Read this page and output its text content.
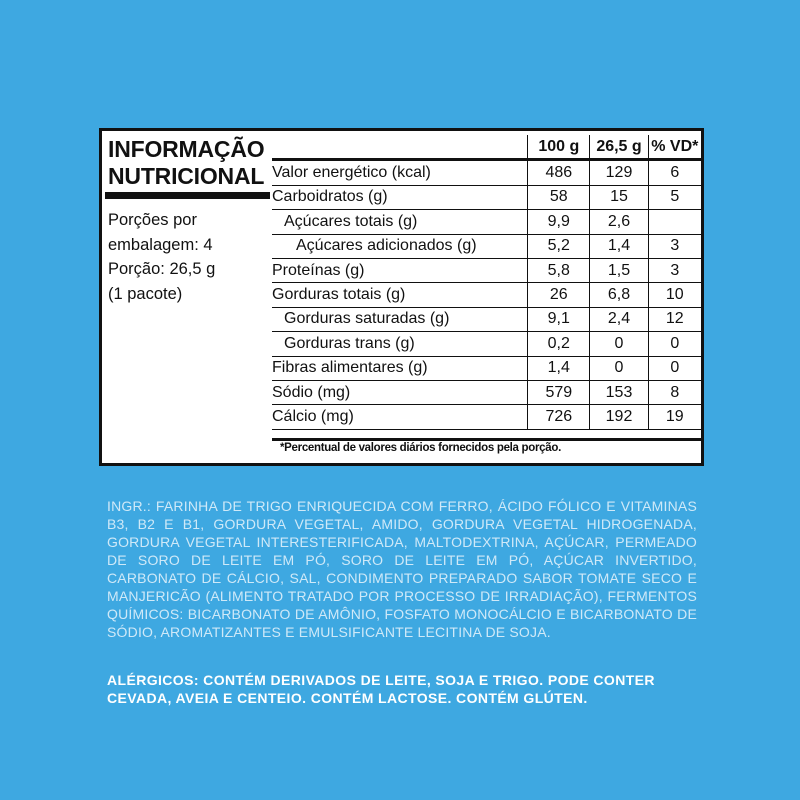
INFORMAÇÃO
NUTRICIONAL
Porções por
embalagem: 4
Porção: 26,5 g
(1 pacote)
	100 g	26,5 g	% VD*
Valor energético (kcal)	486	129	6
Carboidratos (g)	58	15	5
Açúcares totais (g)	9,9	2,6	
Açúcares adicionados (g)	5,2	1,4	3
Proteínas (g)	5,8	1,5	3
Gorduras totais (g)	26	6,8	10
Gorduras saturadas (g)	9,1	2,4	12
Gorduras trans (g)	0,2	0	0
Fibras alimentares (g)	1,4	0	0
Sódio (mg)	579	153	8
Cálcio (mg)	726	192	19
*Percentual de valores diários fornecidos pela porção.
INGR.: FARINHA DE TRIGO ENRIQUECIDA COM FERRO, ÁCIDO FÓLICO E VITAMINAS B3, B2 E B1, GORDURA VEGETAL, AMIDO, GORDURA VEGETAL HIDROGENADA, GORDURA VEGETAL INTERESTERIFICADA, MALTODEXTRINA, AÇÚCAR, PERMEADO DE SORO DE LEITE EM PÓ, SORO DE LEITE EM PÓ, AÇÚCAR INVERTIDO, CARBONATO DE CÁLCIO, SAL, CONDIMENTO PREPARADO SABOR TOMATE SECO E MANJERICÃO (ALIMENTO TRATADO POR PROCESSO DE IRRADIAÇÃO), FERMENTOS QUÍMICOS: BICARBONATO DE AMÔNIO, FOSFATO MONOCÁLCIO E BICARBONATO DE SÓDIO, AROMATIZANTES E EMULSIFICANTE LECITINA DE SOJA.
ALÉRGICOS: CONTÉM DERIVADOS DE LEITE, SOJA E TRIGO. PODE CONTER CEVADA, AVEIA E CENTEIO. CONTÉM LACTOSE. CONTÉM GLÚTEN.
